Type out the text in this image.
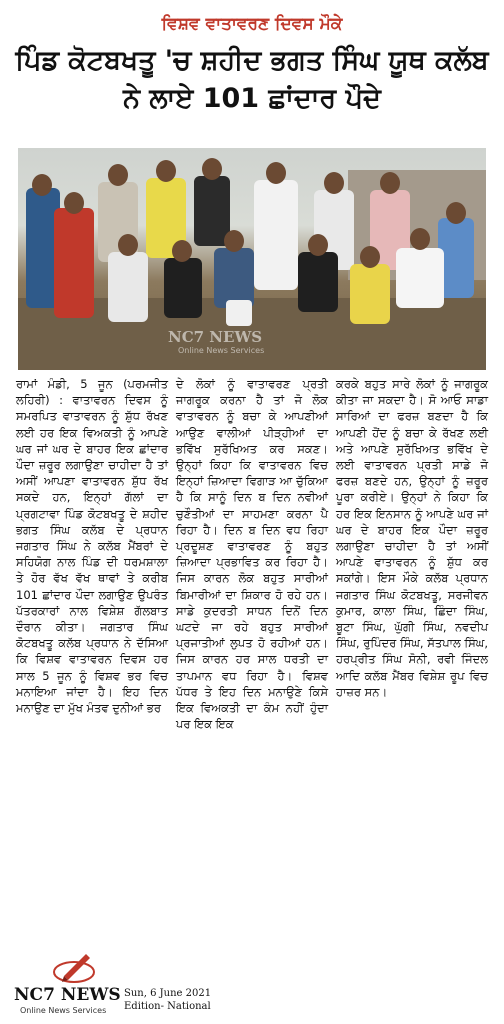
ਵਿਸ਼ਵ ਵਾਤਾਵਰਣ ਦਿਵਸ ਮੌਕੇ
ਪਿੰਡ ਕੋਟਬਖਤੂ 'ਚ ਸ਼ਹੀਦ ਭਗਤ ਸਿੰਘ ਯੂਥ ਕਲੱਬ ਨੇ ਲਾਏ 101 ਛਾਂਦਾਰ ਪੌਦੇ
NC7 NEWS
Online News Services

ਰਾਮਾਂ ਮੰਡੀ, 5 ਜੂਨ (ਪਰਮਜੀਤ ਲਹਿਰੀ) : ਵਾਤਾਵਰਨ ਦਿਵਸ ਨੂੰ ਸਮਰਪਿਤ ਵਾਤਾਵਰਨ ਨੂੰ ਸ਼ੁੱਧ ਰੱਖਣ ਲਈ ਹਰ ਇਕ ਵਿਅਕਤੀ ਨੂੰ ਆਪਣੇ ਘਰ ਜਾਂ ਘਰ ਦੇ ਬਾਹਰ ਇਕ ਛਾਂਦਾਰ ਪੌਦਾ ਜ਼ਰੂਰ ਲਗਾਉਣਾ ਚਾਹੀਦਾ ਹੈ ਤਾਂ ਅਸੀਂ ਆਪਣਾ ਵਾਤਾਵਰਨ ਸ਼ੁੱਧ ਰੱਖ ਸਕਦੇ ਹਨ, ਇਨ੍ਹਾਂ ਗੱਲਾਂ ਦਾ ਪ੍ਰਗਟਾਵਾ ਪਿੰਡ ਕੋਟਬਖਤੂ ਦੇ ਸ਼ਹੀਦ ਭਗਤ ਸਿੰਘ ਕਲੱਬ ਦੇ ਪ੍ਰਧਾਨ ਜਗਤਾਰ ਸਿੰਘ ਨੇ ਕਲੱਬ ਮੈਂਬਰਾਂ ਦੇ ਸਹਿਯੋਗ ਨਾਲ ਪਿੰਡ ਦੀ ਧਰਮਸ਼ਾਲਾ ਤੇ ਹੋਰ ਵੱਖ ਵੱਖ ਥਾਵਾਂ ਤੇ ਕਰੀਬ 101 ਛਾਂਦਾਰ ਪੌਦਾ ਲਗਾਉਣ ਉਪਰੰਤ ਪੱਤਰਕਾਰਾਂ ਨਾਲ ਵਿਸ਼ੇਸ਼ ਗੱਲਬਾਤ ਦੌਰਾਨ ਕੀਤਾ। ਜਗਤਾਰ ਸਿੰਘ ਕੋਟਬਖਤੂ ਕਲੱਬ ਪ੍ਰਧਾਨ ਨੇ ਦੱਸਿਆ ਕਿ ਵਿਸ਼ਵ ਵਾਤਾਵਰਨ ਦਿਵਸ ਹਰ ਸਾਲ 5 ਜੂਨ ਨੂੰ ਵਿਸ਼ਵ ਭਰ ਵਿਚ ਮਨਾਇਆ ਜਾਂਦਾ ਹੈ। ਇਹ ਦਿਨ ਮਨਾਉਣ ਦਾ ਮੁੱਖ ਮੰਤਵ ਦੁਨੀਆਂ ਭਰ

ਦੇ ਲੋਕਾਂ ਨੂੰ ਵਾਤਾਵਰਣ ਪ੍ਰਤੀ ਜਾਗਰੂਕ ਕਰਨਾ ਹੈ ਤਾਂ ਜੋ ਲੋਕ ਵਾਤਾਵਰਨ ਨੂੰ ਬਚਾ ਕੇ ਆਪਣੀਆਂ ਆਉਣ ਵਾਲੀਆਂ ਪੀੜ੍ਹੀਆਂ ਦਾ ਭਵਿੱਖ ਸੁਰੱਖਿਅਤ ਕਰ ਸਕਣ। ਉਨ੍ਹਾਂ ਕਿਹਾ ਕਿ ਵਾਤਾਵਰਨ ਵਿਚ ਇਨ੍ਹਾਂ ਜ਼ਿਆਦਾ ਵਿਗਾੜ ਆ ਚੁੱਕਿਆ ਹੈ ਕਿ ਸਾਨੂੰ ਦਿਨ ਬ ਦਿਨ ਨਵੀਆਂ ਚੁਣੌਤੀਆਂ ਦਾ ਸਾਹਮਣਾ ਕਰਨਾ ਪੈ ਰਿਹਾ ਹੈ। ਦਿਨ ਬ ਦਿਨ ਵਧ ਰਿਹਾ ਪ੍ਰਦੂਸ਼ਣ ਵਾਤਾਵਰਣ ਨੂੰ ਬਹੁਤ ਜ਼ਿਆਦਾ ਪ੍ਰਭਾਵਿਤ ਕਰ ਰਿਹਾ ਹੈ। ਜਿਸ ਕਾਰਨ ਲੋਕ ਬਹੁਤ ਸਾਰੀਆਂ ਬਿਮਾਰੀਆਂ ਦਾ ਸ਼ਿਕਾਰ ਹੋ ਰਹੇ ਹਨ। ਸਾਡੇ ਕੁਦਰਤੀ ਸਾਧਨ ਦਿਨੋਂ ਦਿਨ ਘਟਦੇ ਜਾ ਰਹੇ ਬਹੁਤ ਸਾਰੀਆਂ ਪ੍ਰਜਾਤੀਆਂ ਲੁਪਤ ਹੋ ਰਹੀਆਂ ਹਨ। ਜਿਸ ਕਾਰਨ ਹਰ ਸਾਲ ਧਰਤੀ ਦਾ ਤਾਪਮਾਨ ਵਧ ਰਿਹਾ ਹੈ। ਵਿਸ਼ਵ ਪੱਧਰ ਤੇ ਇਹ ਦਿਨ ਮਨਾਉਣੇ ਕਿਸੇ ਇਕ ਵਿਅਕਤੀ ਦਾ ਕੰਮ ਨਹੀਂ ਹੁੰਦਾ ਪਰ ਇਕ ਇਕ

ਕਰਕੇ ਬਹੁਤ ਸਾਰੇ ਲੋਕਾਂ ਨੂੰ ਜਾਗਰੂਕ ਕੀਤਾ ਜਾ ਸਕਦਾ ਹੈ। ਸੋ ਆਓ ਸਾਡਾ ਸਾਰਿਆਂ ਦਾ ਫਰਜ਼ ਬਣਦਾ ਹੈ ਕਿ ਆਪਣੀ ਹੋਂਦ ਨੂੰ ਬਚਾ ਕੇ ਰੱਖਣ ਲਈ ਅਤੇ ਆਪਣੇ ਸੁਰੱਖਿਅਤ ਭਵਿੱਖ ਦੇ ਲਈ ਵਾਤਾਵਰਨ ਪ੍ਰਤੀ ਸਾਡੇ ਜੋ ਫਰਜ਼ ਬਣਦੇ ਹਨ, ਉਨ੍ਹਾਂ ਨੂੰ ਜ਼ਰੂਰ ਪੂਰਾ ਕਰੀਏ। ਉਨ੍ਹਾਂ ਨੇ ਕਿਹਾ ਕਿ ਹਰ ਇਕ ਇਨਸਾਨ ਨੂੰ ਆਪਣੇ ਘਰ ਜਾਂ ਘਰ ਦੇ ਬਾਹਰ ਇਕ ਪੌਦਾ ਜ਼ਰੂਰ ਲਗਾਉਣਾ ਚਾਹੀਦਾ ਹੈ ਤਾਂ ਅਸੀਂ ਆਪਣੇ ਵਾਤਾਵਰਨ ਨੂੰ ਸ਼ੁੱਧ ਕਰ ਸਕਾਂਗੇ। ਇਸ ਮੌਕੇ ਕਲੱਬ ਪ੍ਰਧਾਨ ਜਗਤਾਰ ਸਿੰਘ ਕੋਟਬਖਤੂ, ਸਰਜੀਵਨ ਕੁਮਾਰ, ਕਾਲਾ ਸਿੰਘ, ਛਿੰਦਾ ਸਿੰਘ, ਬੂਟਾ ਸਿੰਘ, ਘੁੱਗੀ ਸਿੰਘ, ਨਵਦੀਪ ਸਿੰਘ, ਰੁਪਿੰਦਰ ਸਿੰਘ, ਸੱਤਪਾਲ ਸਿੰਘ, ਹਰਪ੍ਰੀਤ ਸਿੰਘ ਸੋਨੀ, ਰਵੀ ਜਿੰਦਲ ਆਦਿ ਕਲੱਬ ਮੈਂਬਰ ਵਿਸ਼ੇਸ਼ ਰੂਪ ਵਿਚ ਹਾਜ਼ਰ ਸਨ।

NC7 NEWS
Online News Services
Sun, 6 June 2021
Edition- National
